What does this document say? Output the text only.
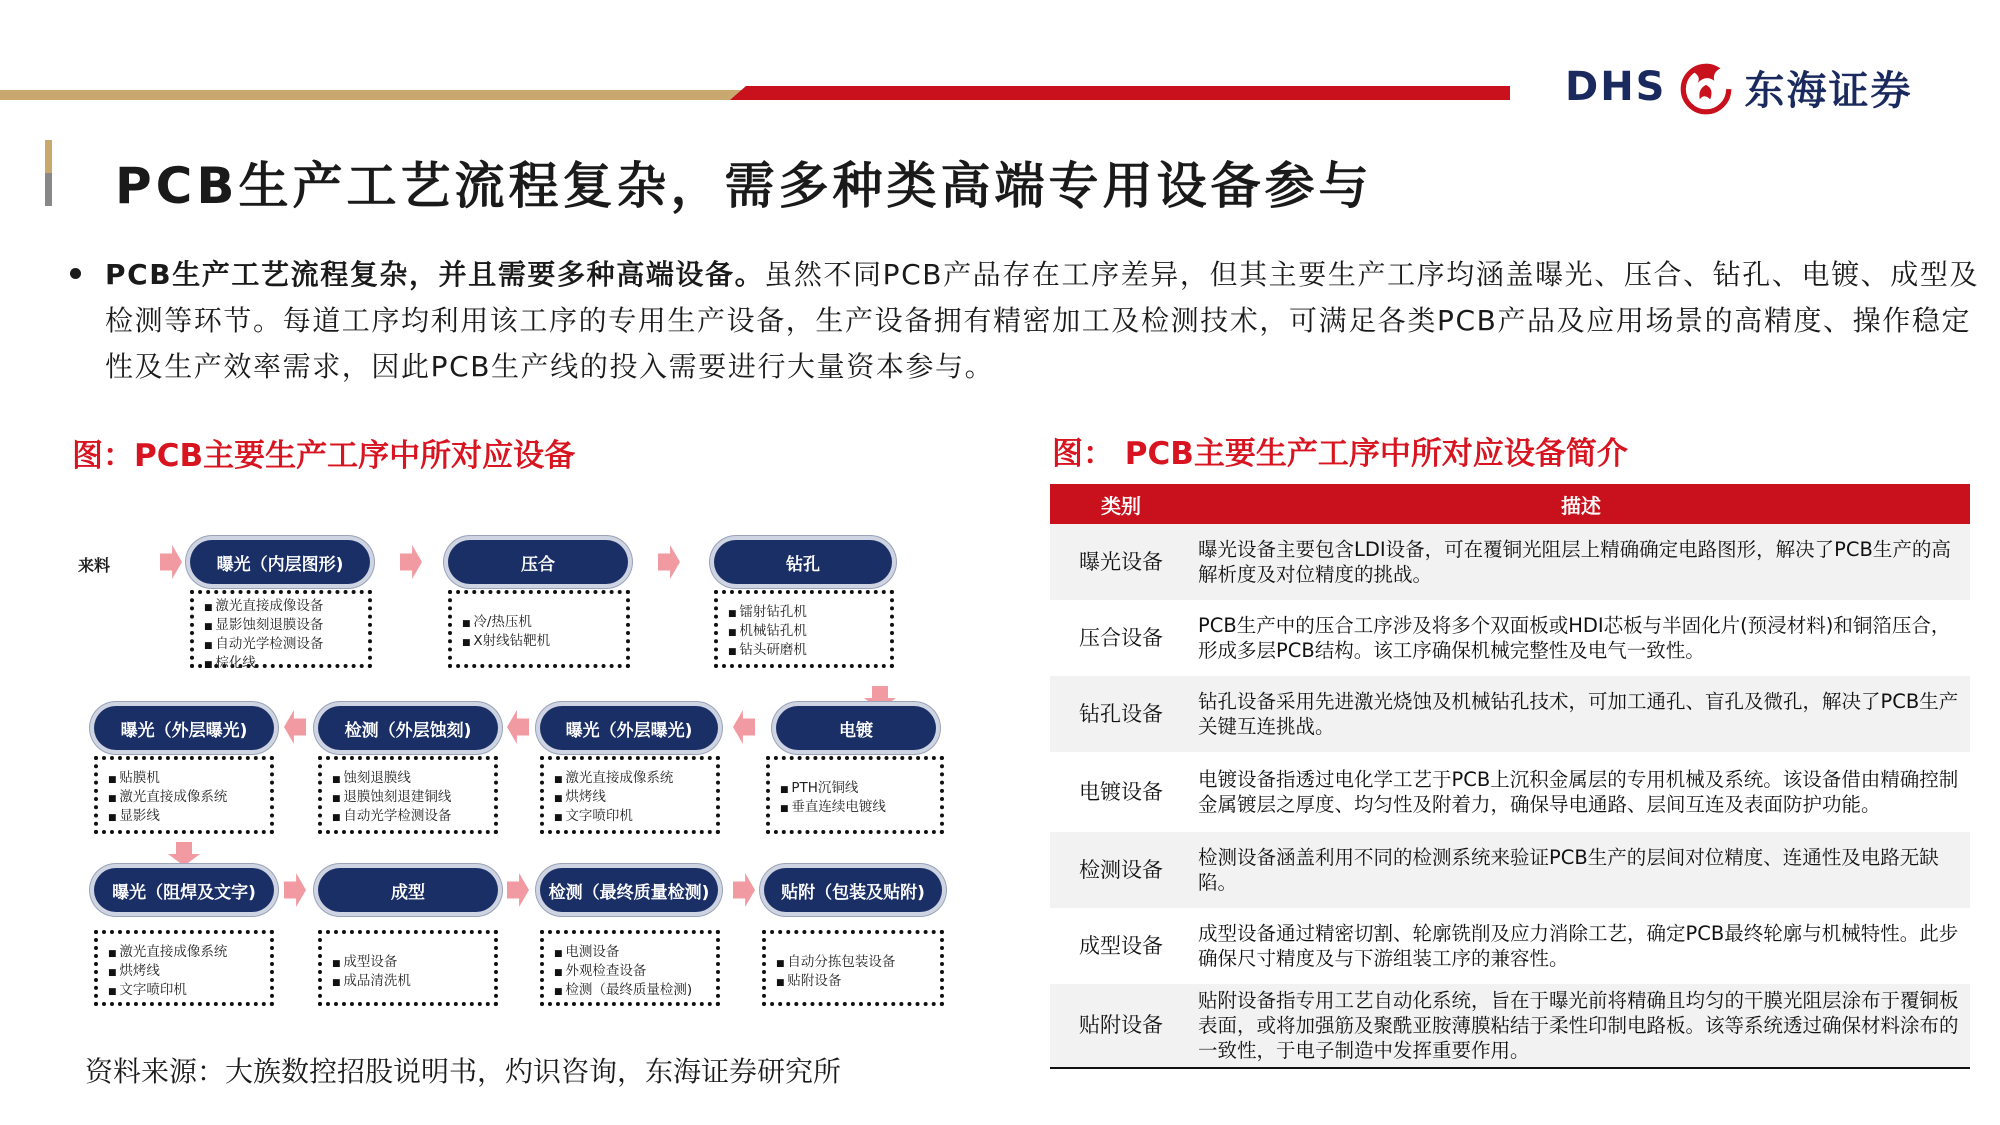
DHS 东海证券
PCB生产工艺流程复杂，需多种类高端专用设备参与
PCB生产工艺流程复杂，并且需要多种高端设备。虽然不同PCB产品存在工序差异，但其主要生产工序均涵盖曝光、压合、钻孔、电镀、成型及检测等环节。每道工序均利用该工序的专用生产设备，生产设备拥有精密加工及检测技术，可满足各类PCB产品及应用场景的高精度、操作稳定性及生产效率需求，因此PCB生产线的投入需要进行大量资本参与。
图：PCB主要生产工序中所对应设备	图： PCB主要生产工序中所对应设备简介
来料	曝光（内层图形)
■ 激光直接成像设备
■ 显影蚀刻退膜设备
■ 自动光学检测设备
■ 棕化线
压合
■ 冷/热压机
■ X射线钻靶机
钻孔
■ 镭射钻孔机
■ 机械钻孔机
■ 钻头研磨机
电镀
■ PTH沉铜线
■ 垂直连续电镀线
曝光（外层曝光)
■ 激光直接成像系统
■ 烘烤线
■ 文字喷印机
检测（外层蚀刻)
■ 蚀刻退膜线
■ 退膜蚀刻退建铜线
■ 自动光学检测设备
曝光（外层曝光)
■ 贴膜机
■ 激光直接成像系统
■ 显影线
曝光（阻焊及文字)
■ 激光直接成像系统
■ 烘烤线
■ 文字喷印机
成型
■ 成型设备
■ 成品清洗机
检测（最终质量检测)
■ 电测设备
■ 外观检查设备
■ 检测（最终质量检测)
贴附（包装及贴附)
■ 自动分拣包装设备
■ 贴附设备
资料来源：大族数控招股说明书，灼识咨询，东海证券研究所
类别	描述
曝光设备	曝光设备主要包含LDI设备，可在覆铜光阻层上精确确定电路图形，解决了PCB生产的高解析度及对位精度的挑战。
压合设备	PCB生产中的压合工序涉及将多个双面板或HDI芯板与半固化片(预浸材料)和铜箔压合，形成多层PCB结构。该工序确保机械完整性及电气一致性。
钻孔设备	钻孔设备采用先进激光烧蚀及机械钻孔技术，可加工通孔、盲孔及微孔，解决了PCB生产关键互连挑战。
电镀设备	电镀设备指透过电化学工艺于PCB上沉积金属层的专用机械及系统。该设备借由精确控制金属镀层之厚度、均匀性及附着力，确保导电通路、层间互连及表面防护功能。
检测设备	检测设备涵盖利用不同的检测系统来验证PCB生产的层间对位精度、连通性及电路无缺陷。
成型设备	成型设备通过精密切割、轮廓铣削及应力消除工艺，确定PCB最终轮廓与机械特性。此步确保尺寸精度及与下游组装工序的兼容性。
贴附设备	贴附设备指专用工艺自动化系统，旨在于曝光前将精确且均匀的干膜光阻层涂布于覆铜板表面，或将加强筋及聚酰亚胺薄膜粘结于柔性印制电路板。该等系统透过确保材料涂布的一致性，于电子制造中发挥重要作用。
